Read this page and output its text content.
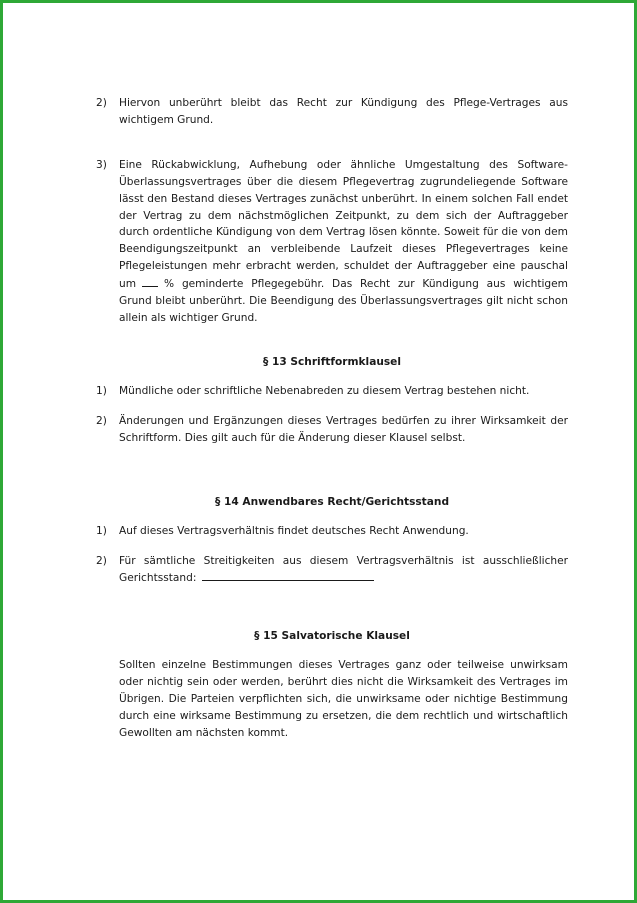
2) Hiervon unberührt bleibt das Recht zur Kündigung des Pflege-Vertrages aus wichtigem Grund.
3) Eine Rückabwicklung, Aufhebung oder ähnliche Umgestaltung des Software-Überlassungsvertrages über die diesem Pflegevertrag zugrundeliegende Software lässt den Bestand dieses Vertrages zunächst unberührt. In einem solchen Fall endet der Vertrag zu dem nächstmöglichen Zeitpunkt, zu dem sich der Auftraggeber durch ordentliche Kündigung von dem Vertrag lösen könnte. Soweit für die von dem Beendigungszeitpunkt an verbleibende Laufzeit dieses Pflegevertrages keine Pflegeleistungen mehr erbracht werden, schuldet der Auftraggeber eine pauschal um	% geminderte Pflegegebühr. Das Recht zur Kündigung aus wichtigem Grund bleibt unberührt. Die Beendigung des Überlassungsvertrages gilt nicht schon allein als wichtiger Grund.
§ 13 Schriftformklausel
1) Mündliche oder schriftliche Nebenabreden zu diesem Vertrag bestehen nicht.
2) Änderungen und Ergänzungen dieses Vertrages bedürfen zu ihrer Wirksamkeit der Schriftform. Dies gilt auch für die Änderung dieser Klausel selbst.
§ 14 Anwendbares Recht/Gerichtsstand
1) Auf dieses Vertragsverhältnis findet deutsches Recht Anwendung.
2) Für sämtliche Streitigkeiten aus diesem Vertragsverhältnis ist ausschließlicher Gerichtsstand:
§ 15 Salvatorische Klausel
Sollten einzelne Bestimmungen dieses Vertrages ganz oder teilweise unwirksam oder nichtig sein oder werden, berührt dies nicht die Wirksamkeit des Vertrages im Übrigen. Die Parteien verpflichten sich, die unwirksame oder nichtige Bestimmung durch eine wirksame Bestimmung zu ersetzen, die dem rechtlich und wirtschaftlich Gewollten am nächsten kommt.
